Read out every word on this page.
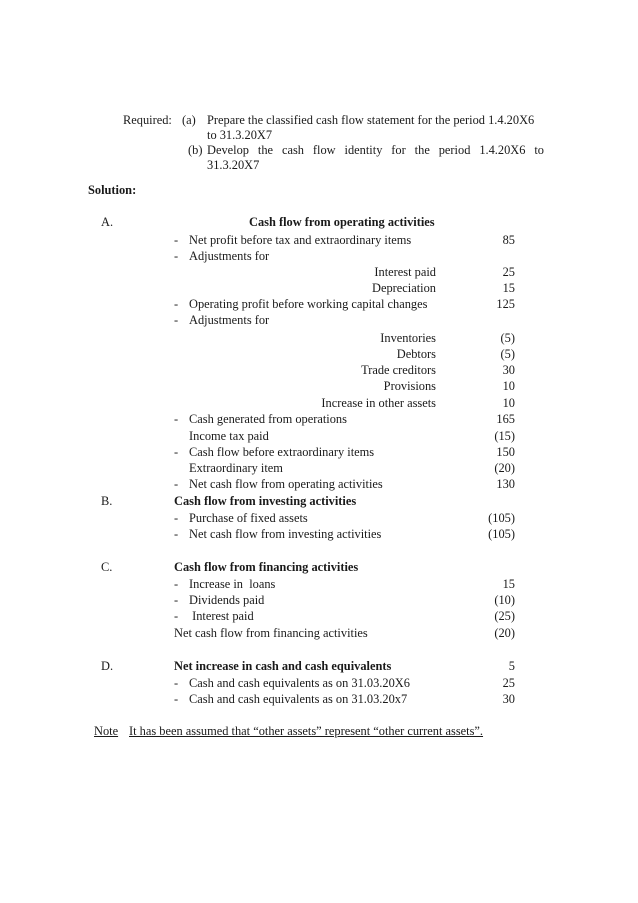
Required: (a) Prepare the classified cash flow statement for the period 1.4.20X6
to 31.3.20X7
(b) Develop the cash flow identity for the period 1.4.20X6 to
31.3.20X7
Solution:
A.	Cash flow from operating activities
- Net profit before tax and extraordinary items	85
- Adjustments for
Interest paid	25
Depreciation	15
- Operating profit before working capital changes	125
- Adjustments for
Inventories	(5)
Debtors	(5)
Trade creditors	30
Provisions	10
Increase in other assets	10
- Cash generated from operations	165
Income tax paid	(15)
- Cash flow before extraordinary items	150
Extraordinary item	(20)
- Net cash flow from operating activities	130
B.	Cash flow from investing activities
- Purchase of fixed assets	(105)
- Net cash flow from investing activities	(105)
C.	Cash flow from financing activities
- Increase in  loans	15
- Dividends paid	(10)
- Interest paid	(25)
Net cash flow from financing activities	(20)
D.	Net increase in cash and cash equivalents	5
- Cash and cash equivalents as on 31.03.20X6	25
- Cash and cash equivalents as on 31.03.20x7	30
Note It has been assumed that “other assets” represent “other current assets”.
